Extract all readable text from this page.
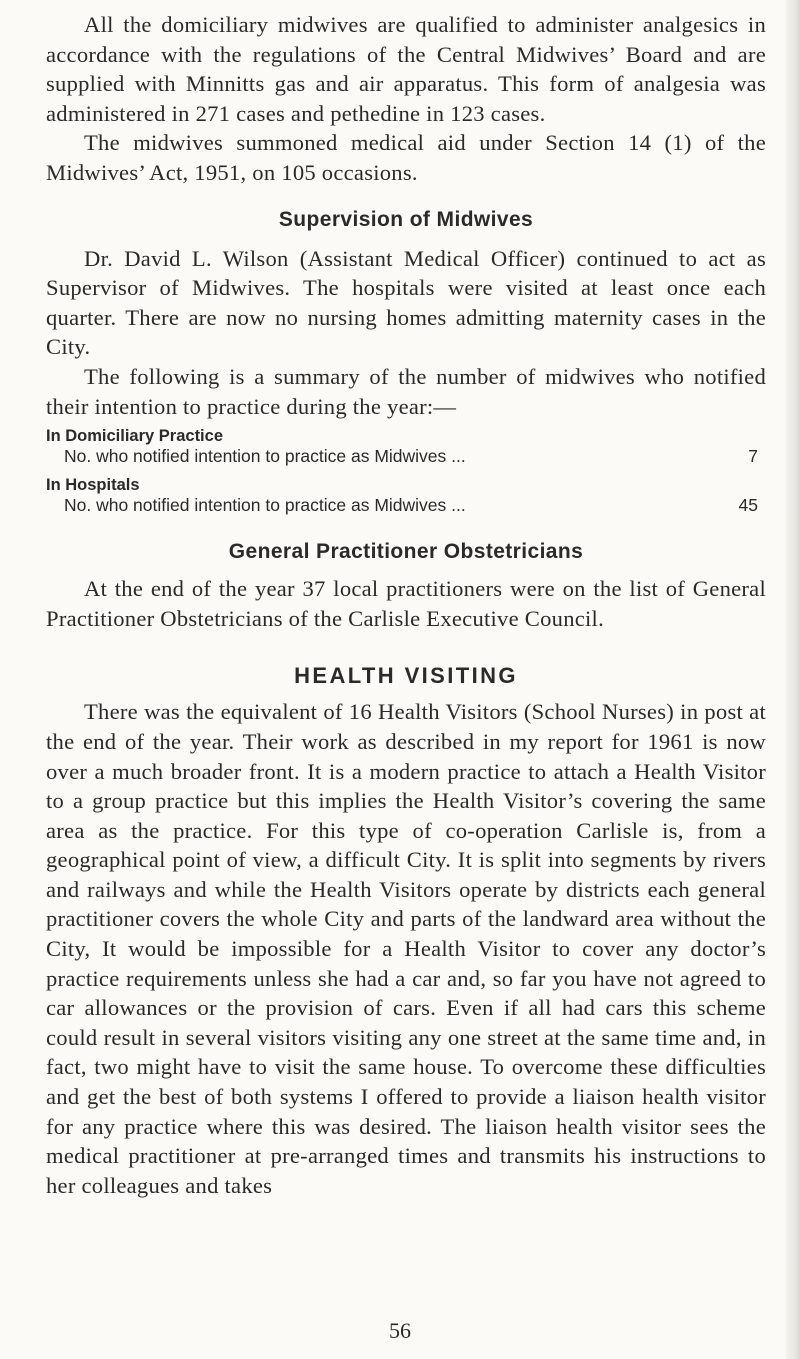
All the domiciliary midwives are qualified to administer analgesics in accordance with the regulations of the Central Midwives’ Board and are supplied with Minnitts gas and air apparatus. This form of analgesia was administered in 271 cases and pethedine in 123 cases.

The midwives summoned medical aid under Section 14 (1) of the Midwives’ Act, 1951, on 105 occasions.

Supervision of Midwives

Dr. David L. Wilson (Assistant Medical Officer) continued to act as Supervisor of Midwives. The hospitals were visited at least once each quarter. There are now no nursing homes admitting maternity cases in the City.

The following is a summary of the number of midwives who notified their intention to practice during the year:—

In Domiciliary Practice
No. who notified intention to practice as Midwives ...	7
In Hospitals
No. who notified intention to practice as Midwives ...	45
General Practitioner Obstetricians

At the end of the year 37 local practitioners were on the list of General Practitioner Obstetricians of the Carlisle Executive Council.

HEALTH VISITING

There was the equivalent of 16 Health Visitors (School Nurses) in post at the end of the year. Their work as described in my report for 1961 is now over a much broader front. It is a modern practice to attach a Health Visitor to a group practice but this implies the Health Visitor’s covering the same area as the practice. For this type of co-operation Carlisle is, from a geographical point of view, a difficult City. It is split into segments by rivers and railways and while the Health Visitors operate by districts each general practitioner covers the whole City and parts of the landward area without the City, It would be impossible for a Health Visitor to cover any doctor’s practice requirements unless she had a car and, so far you have not agreed to car allowances or the provision of cars. Even if all had cars this scheme could result in several visitors visiting any one street at the same time and, in fact, two might have to visit the same house. To overcome these difficulties and get the best of both systems I offered to provide a liaison health visitor for any practice where this was desired. The liaison health visitor sees the medical practitioner at pre-arranged times and transmits his instructions to her colleagues and takes

56
